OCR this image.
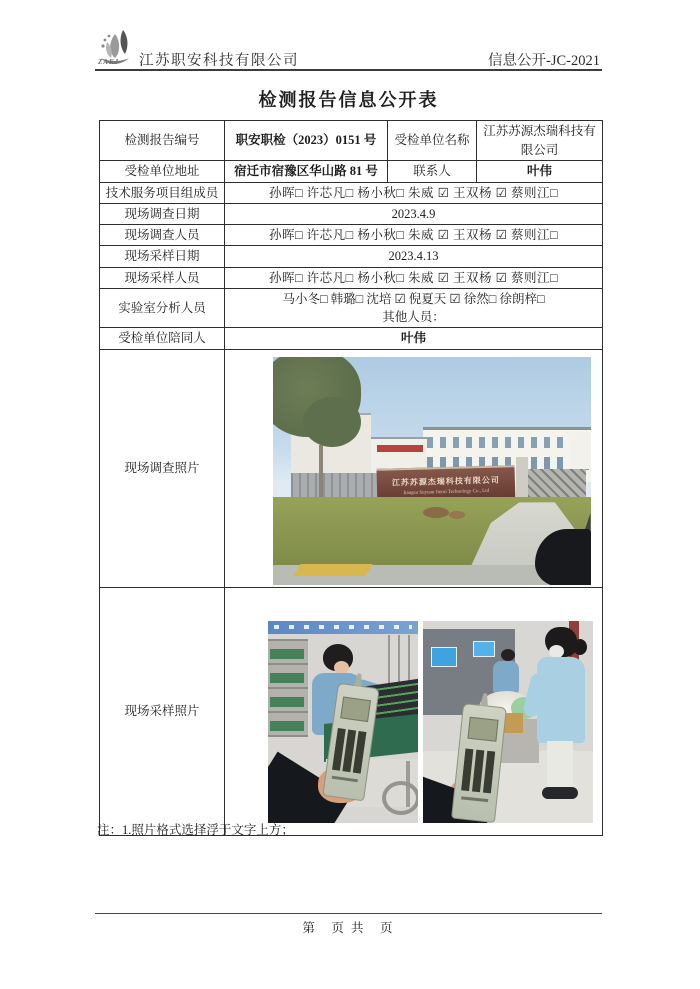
ZAKJ 江苏职安科技有限公司	信息公开-JC-2021
检测报告信息公开表
检测报告编号	职安职检（2023）0151 号	受检单位名称	江苏苏源杰瑞科技有限公司
受检单位地址	宿迁市宿豫区华山路 81 号	联系人	叶伟
技术服务项目组成员	孙晖□ 许芯凡□ 杨小秋□ 朱威 ☑ 王双杨 ☑ 蔡则江□		
现场调查日期	2023.4.9		
现场调查人员	孙晖□ 许芯凡□ 杨小秋□ 朱威 ☑ 王双杨 ☑ 蔡则江□		
现场采样日期	2023.4.13		
现场采样人员	孙晖□ 许芯凡□ 杨小秋□ 朱威 ☑ 王双杨 ☑ 蔡则江□		
实验室分析人员	马小冬□ 韩璐□ 沈培 ☑ 倪夏天 ☑ 徐然□ 徐朗梓□
其他人员：		

受检单位陪同人	叶伟		
现场调查照片	江苏苏源杰瑞科技有限公司
Jiangsu Suyuan Jierui Technology Co., Ltd		

现场采样照片			

注：1.照片格式选择浮于文字上方；
第　页 共　页
